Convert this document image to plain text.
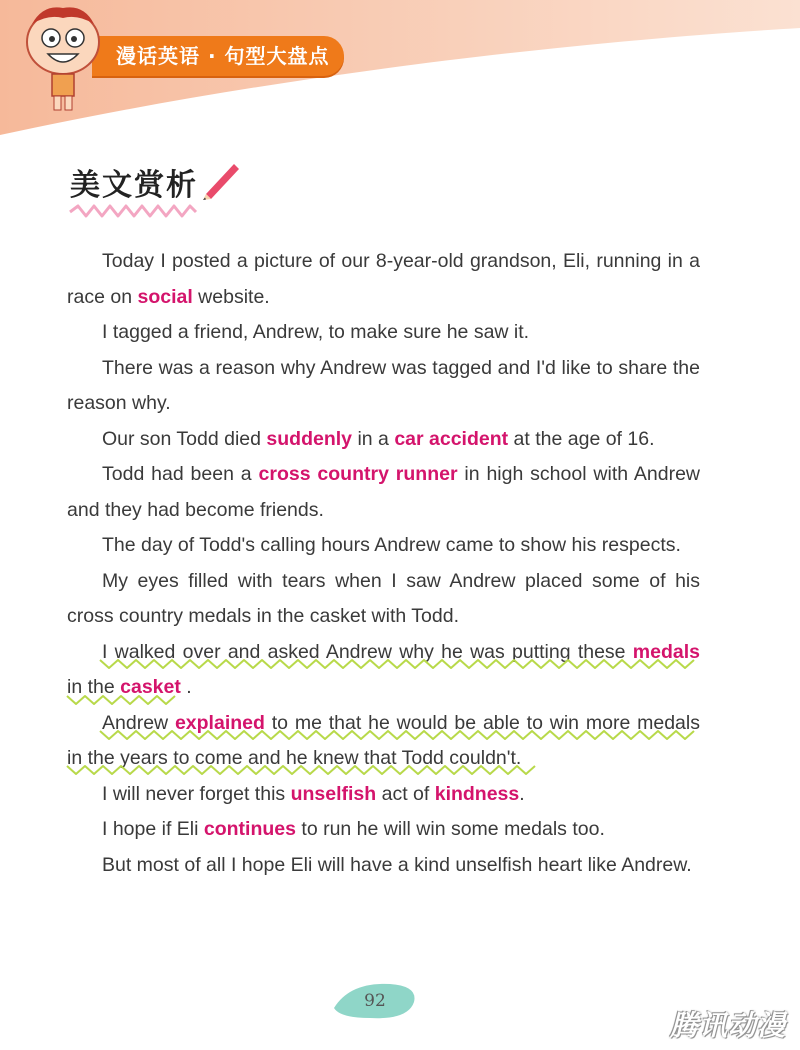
漫话英语 · 句型大盘点
美文赏析

Today I posted a picture of our 8-year-old grandson, Eli, running in a race on social website.

I tagged a friend, Andrew, to make sure he saw it.

There was a reason why Andrew was tagged and I'd like to share the reason why.

Our son Todd died suddenly in a car accident at the age of 16.

Todd had been a cross country runner in high school with Andrew and they had become friends.

The day of Todd's calling hours Andrew came to show his respects.

My eyes filled with tears when I saw Andrew placed some of his cross country medals in the casket with Todd.

I walked over and asked Andrew why he was putting these medals in the casket .

Andrew explained to me that he would be able to win more medals in the years to come and he knew that Todd couldn't.

I will never forget this unselfish act of kindness.

I hope if Eli continues to run he will win some medals too.

But most of all I hope Eli will have a kind unselfish heart like Andrew.

92
腾讯动漫
